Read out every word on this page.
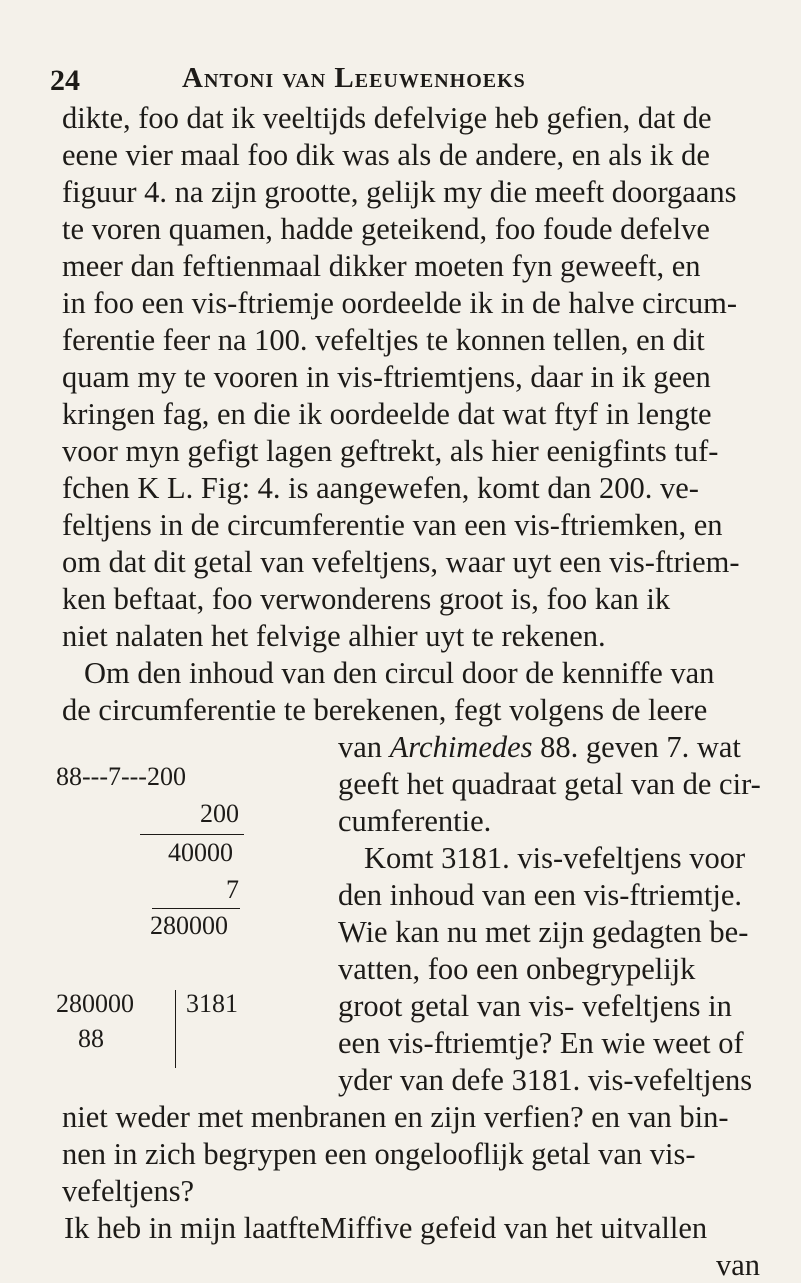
24	Antoni van Leeuwenhoeks
dikte, foo dat ik veeltijds defelvige heb gefien, dat de
eene vier maal foo dik was als de andere, en als ik de
figuur 4. na zijn grootte, gelijk my die meeft doorgaans
te voren quamen, hadde geteikend, foo foude defelve
meer dan feftienmaal dikker moeten fyn geweeft, en
in foo een vis-ftriemje oordeelde ik in de halve circum-
ferentie feer na 100. vefeltjes te konnen tellen, en dit
quam my te vooren in vis-ftriemtjens, daar in ik geen
kringen fag, en die ik oordeelde dat wat ftyf in lengte
voor myn gefigt lagen geftrekt, als hier eenigfints tuf-
fchen K L. Fig: 4. is aangewefen, komt dan 200. ve-
feltjens in de circumferentie van een vis-ftriemken, en
om dat dit getal van vefeltjens, waar uyt een vis-ftriem-
ken beftaat, foo verwonderens groot is, foo kan ik
niet nalaten het felvige alhier uyt te rekenen.
Om den inhoud van den circul door de kenniffe van
de circumferentie te berekenen, fegt volgens de leere
van Archimedes 88. geven 7. wat
geeft het quadraat getal van de cir-
cumferentie.
Komt 3181. vis-vefeltjens voor
den inhoud van een vis-ftriemtje.
Wie kan nu met zijn gedagten be-
vatten, foo een onbegrypelijk
groot getal van vis- vefeltjens in
een vis-ftriemtje? En wie weet of
yder van defe 3181. vis-vefeltjens
niet weder met menbranen en zijn verfien? en van bin-
nen in zich begrypen een ongelooflijk getal van vis-
vefeltjens?
Ik heb in mijn laatfteMiffive gefeid van het uitvallen
van
88---7---200
200
40000
7
280000
280000
88
3181
